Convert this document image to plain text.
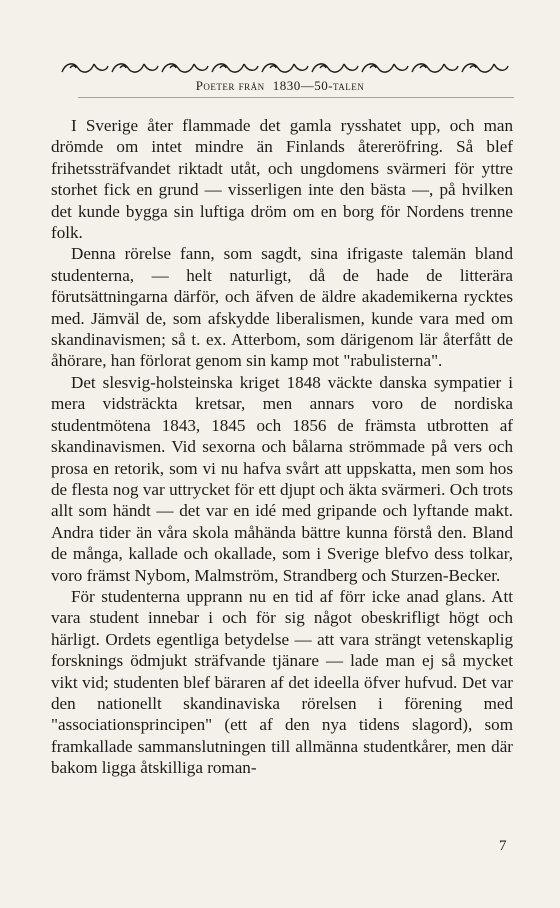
Poeter från 1830—50-talen

I Sverige åter flammade det gamla rysshatet upp, och man drömde om intet mindre än Finlands återeröfring. Så blef frihetssträfvandet riktadt utåt, och ungdomens svärmeri för yttre storhet fick en grund — visserligen inte den bästa —, på hvilken det kunde bygga sin luftiga dröm om en borg för Nordens trenne folk.

Denna rörelse fann, som sagdt, sina ifrigaste talemän bland studenterna, — helt naturligt, då de hade de litterära förutsättningarna därför, och äfven de äldre akademikerna rycktes med. Jämväl de, som afskydde liberalismen, kunde vara med om skandinavismen; så t. ex. Atterbom, som därigenom lär återfått de åhörare, han förlorat genom sin kamp mot "rabulisterna".

Det slesvig-holsteinska kriget 1848 väckte danska sympatier i mera vidsträckta kretsar, men annars voro de nordiska studentmötena 1843, 1845 och 1856 de främsta utbrotten af skandinavismen. Vid sexorna och bålarna strömmade på vers och prosa en retorik, som vi nu hafva svårt att uppskatta, men som hos de flesta nog var uttrycket för ett djupt och äkta svärmeri. Och trots allt som händt — det var en idé med gripande och lyftande makt. Andra tider än våra skola måhända bättre kunna förstå den. Bland de många, kallade och okallade, som i Sverige blefvo dess tolkar, voro främst Nybom, Malmström, Strandberg och Sturzen-Becker.

För studenterna upprann nu en tid af förr icke anad glans. Att vara student innebar i och för sig något obeskrifligt högt och härligt. Ordets egentliga betydelse — att vara strängt vetenskaplig forsknings ödmjukt sträfvande tjänare — lade man ej så mycket vikt vid; studenten blef bäraren af det ideella öfver hufvud. Det var den nationellt skandinaviska rörelsen i förening med "associationsprincipen" (ett af den nya tidens slagord), som framkallade sammanslutningen till allmänna studentkårer, men där bakom ligga åtskilliga roman-

7
